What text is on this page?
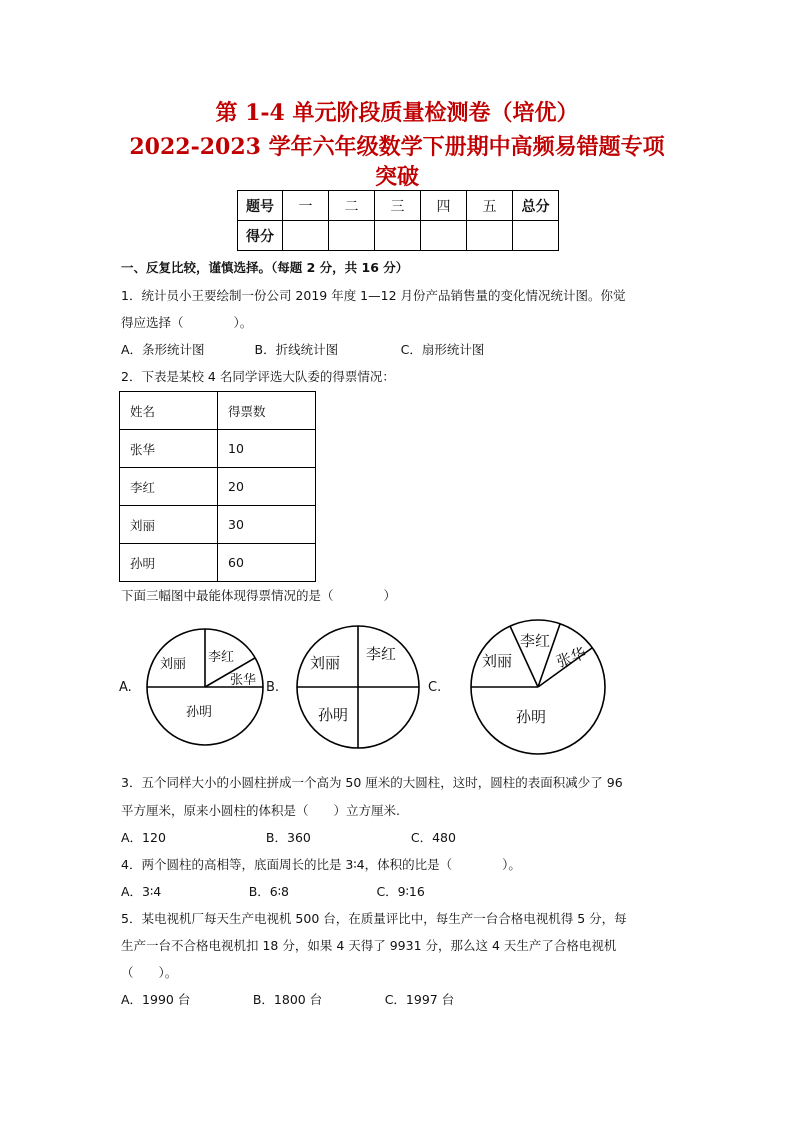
第 1-4 单元阶段质量检测卷（培优）
2022-2023 学年六年级数学下册期中高频易错题专项
突破
题号	一	二	三	四	五	总分
得分						
一、反复比较，谨慎选择。（每题 2 分，共 16 分）
1．统计员小王要绘制一份公司 2019 年度 1—12 月份产品销售量的变化情况统计图。你觉
得应选择（　　　　）。
A．条形统计图　　　　B．折线统计图　　　　　C．扇形统计图
2．下表是某校 4 名同学评选大队委的得票情况：
姓名	得票数
张华	10
李红	20
刘丽	30
孙明	60
下面三幅图中最能体现得票情况的是（　　　　）
A.	B.	C.
刘丽 李红
张华
孙明
刘丽 李红
孙明
李红
张华
刘丽
孙明
3．五个同样大小的小圆柱拼成一个高为 50 厘米的大圆柱，这时，圆柱的表面积减少了 96
平方厘米，原来小圆柱的体积是（　　）立方厘米.
A．120　　　　　　　　B．360　　　　　　　　C．480
4．两个圆柱的高相等，底面周长的比是 3∶4，体积的比是（　　　　）。
A．3∶4　　　　　　　B．6∶8　　　　　　　C．9∶16
5．某电视机厂每天生产电视机 500 台，在质量评比中，每生产一台合格电视机得 5 分，每
生产一台不合格电视机扣 18 分，如果 4 天得了 9931 分，那么这 4 天生产了合格电视机
（　　）。
A．1990 台　　　　　B．1800 台　　　　　C．1997 台
